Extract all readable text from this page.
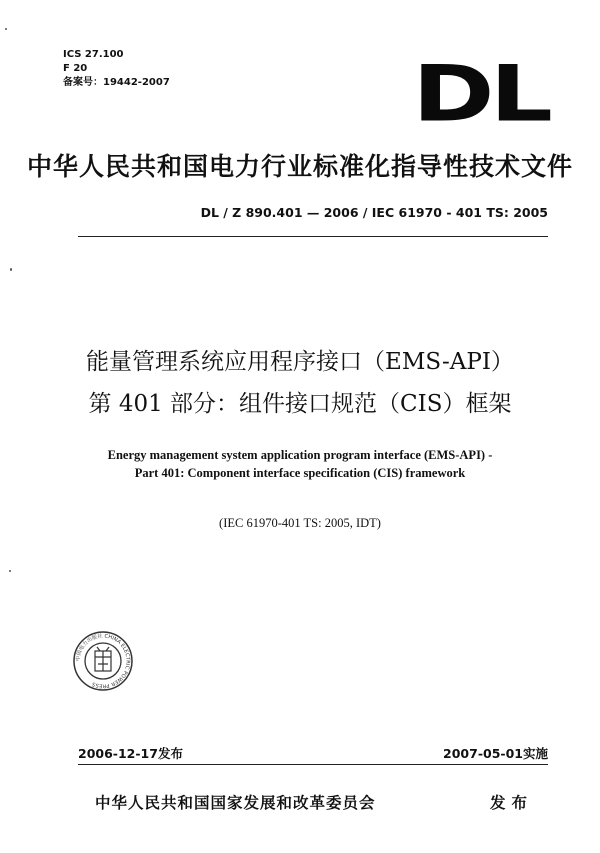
ICS 27.100
F 20
备案号：19442-2007	DL
中华人民共和国电力行业标准化指导性技术文件
DL / Z 890.401 — 2006 / IEC 61970 - 401 TS: 2005
能量管理系统应用程序接口（EMS-API）
第 401 部分：组件接口规范（CIS）框架
Energy management system application program interface (EMS-API) -
Part 401: Component interface specification (CIS) framework
(IEC 61970-401 TS: 2005, IDT)
中国电力出版社 CHINA ELECTRIC POWER PRESS
2006-12-17发布	2007-05-01实施
中华人民共和国国家发展和改革委员会	发布
